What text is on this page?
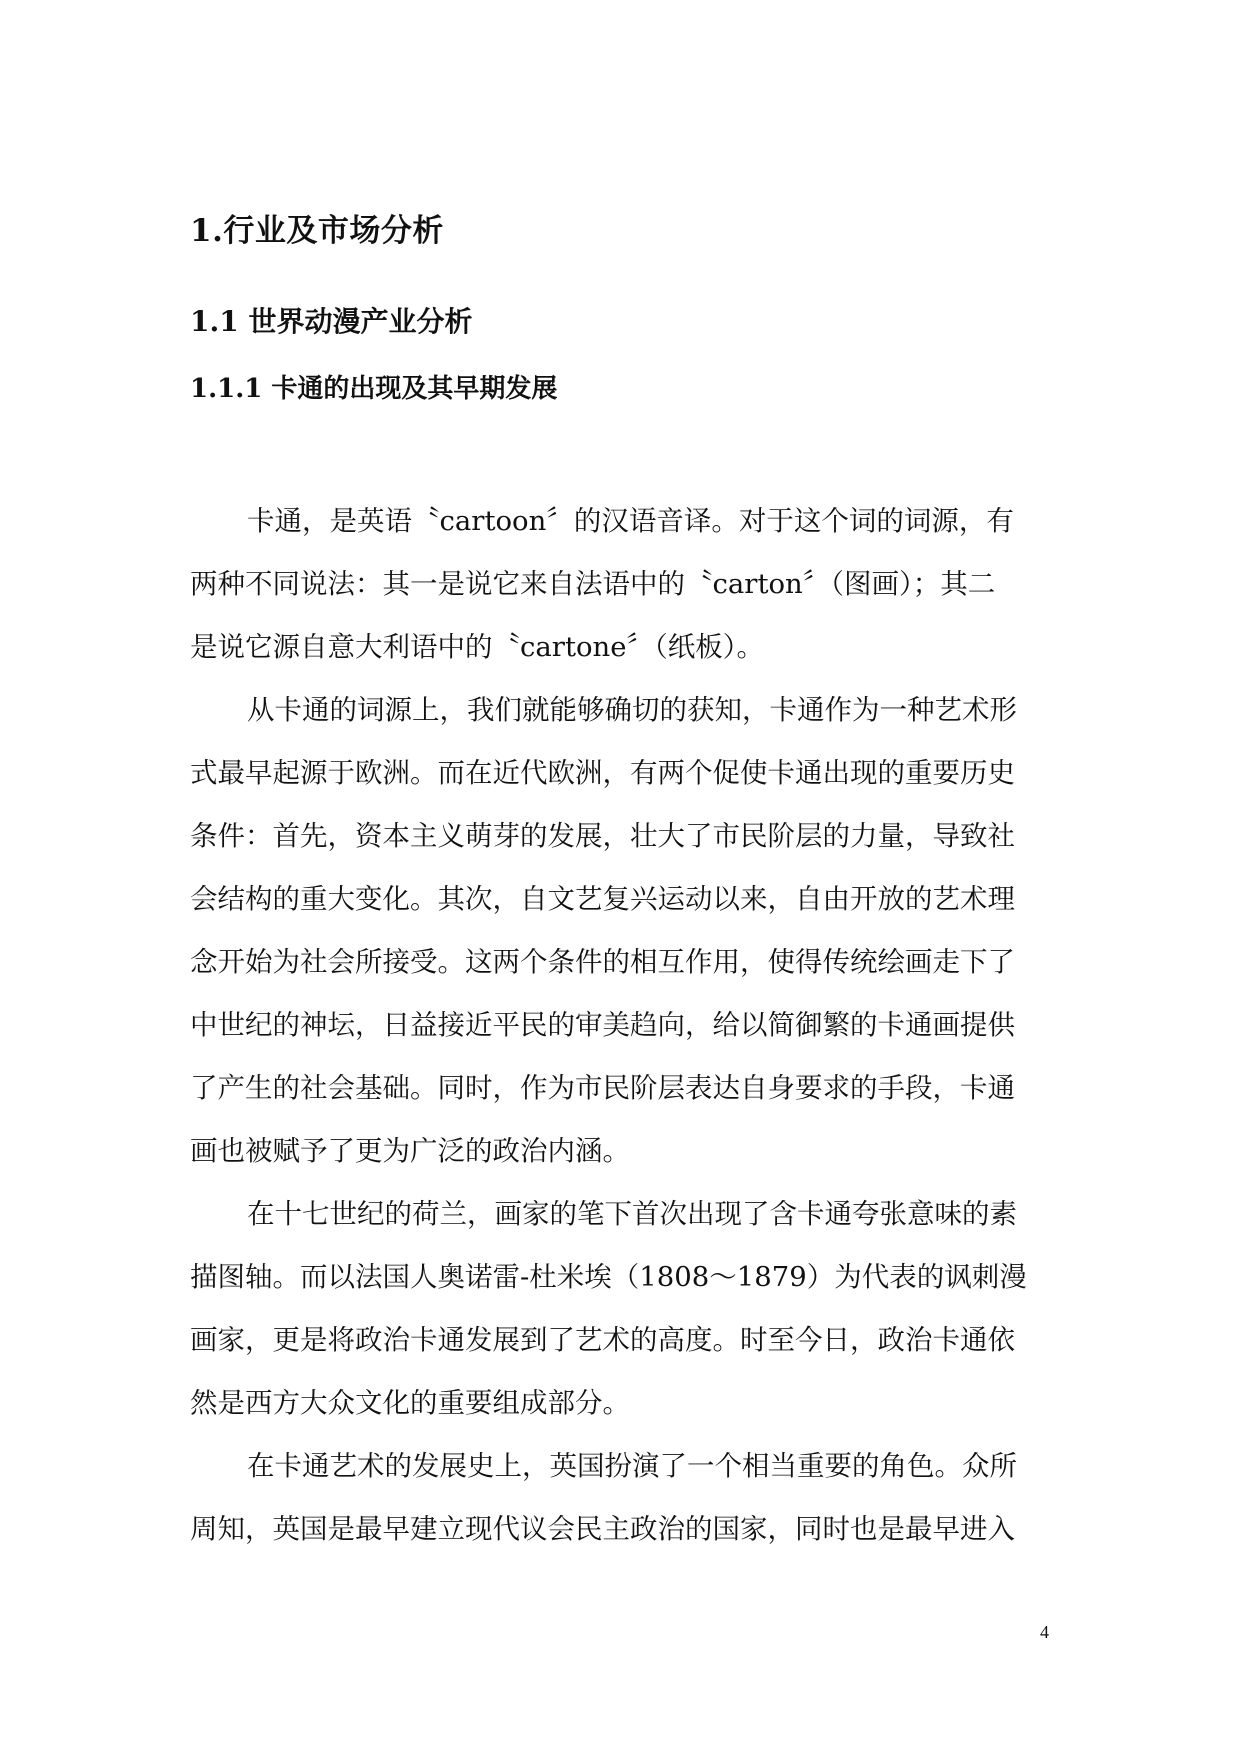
1.行业及市场分析
1.1 世界动漫产业分析
1.1.1 卡通的出现及其早期发展
卡通，是英语〝cartoon〞的汉语音译。对于这个词的词源，有
两种不同说法：其一是说它来自法语中的〝carton〞（图画）；其二
是说它源自意大利语中的〝cartone〞（纸板）。
从卡通的词源上，我们就能够确切的获知，卡通作为一种艺术形
式最早起源于欧洲。而在近代欧洲，有两个促使卡通出现的重要历史
条件：首先，资本主义萌芽的发展，壮大了市民阶层的力量，导致社
会结构的重大变化。其次，自文艺复兴运动以来，自由开放的艺术理
念开始为社会所接受。这两个条件的相互作用，使得传统绘画走下了
中世纪的神坛，日益接近平民的审美趋向，给以简御繁的卡通画提供
了产生的社会基础。同时，作为市民阶层表达自身要求的手段，卡通
画也被赋予了更为广泛的政治内涵。
在十七世纪的荷兰，画家的笔下首次出现了含卡通夸张意味的素
描图轴。而以法国人奥诺雷-杜米埃（1808～1879）为代表的讽刺漫
画家，更是将政治卡通发展到了艺术的高度。时至今日，政治卡通依
然是西方大众文化的重要组成部分。
在卡通艺术的发展史上，英国扮演了一个相当重要的角色。众所
周知，英国是最早建立现代议会民主政治的国家，同时也是最早进入
4
